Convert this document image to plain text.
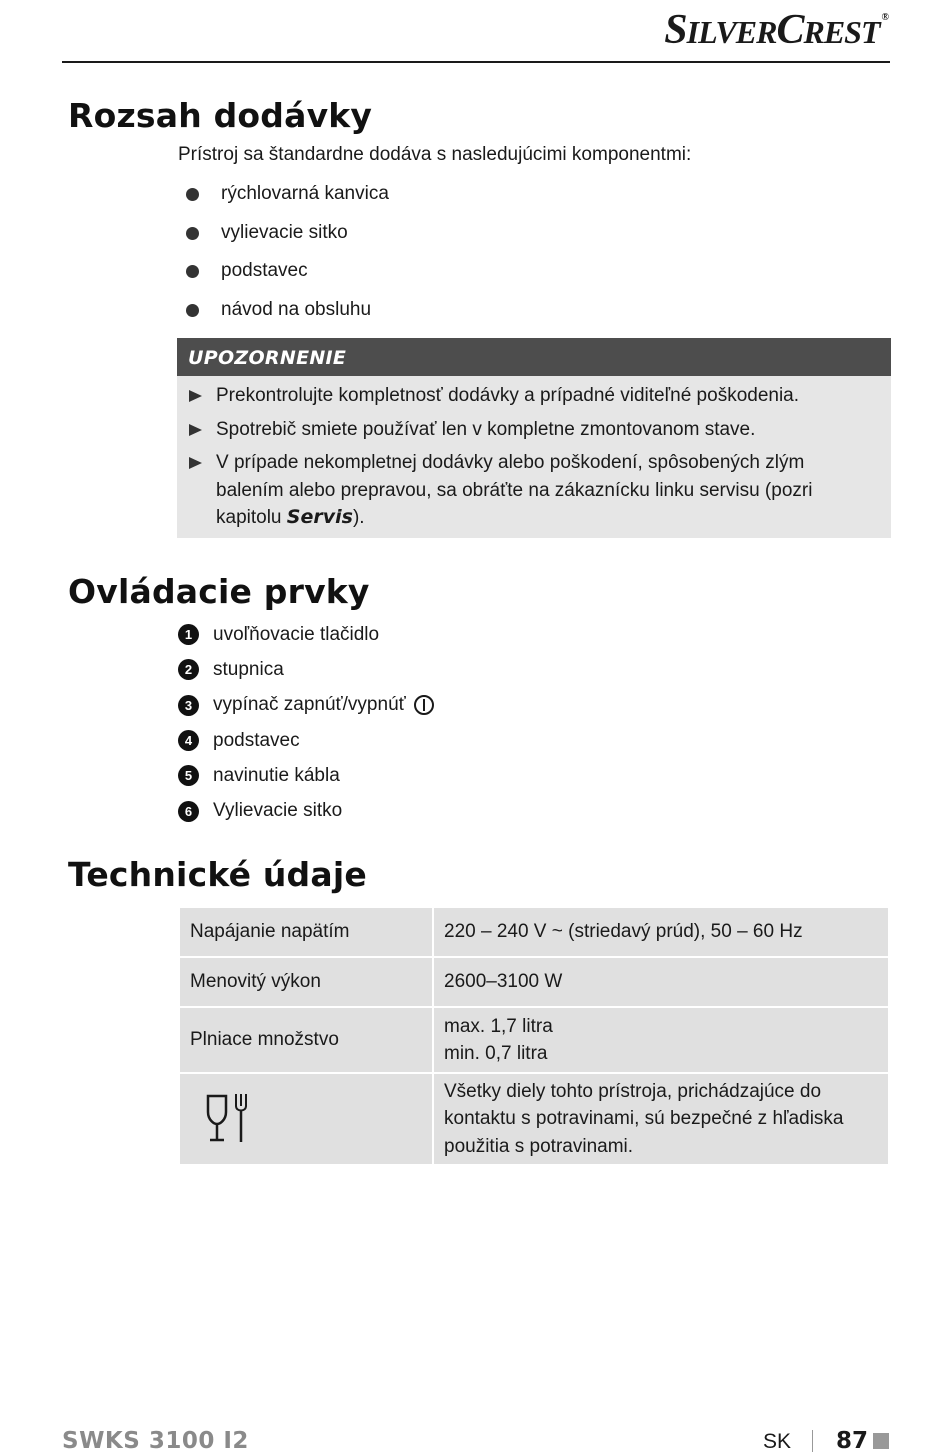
SILVERCREST ®
Rozsah dodávky
Prístroj sa štandardne dodáva s nasledujúcimi komponentmi:
rýchlovarná kanvica
vylievacie sitko
podstavec
návod na obsluhu
UPOZORNENIE
Prekontrolujte kompletnosť dodávky a prípadné viditeľné poškodenia.
Spotrebič smiete používať len v kompletne zmontovanom stave.
V prípade nekompletnej dodávky alebo poškodení, spôsobených zlým balením alebo prepravou, sa obráťte na zákaznícku linku servisu (pozri kapitolu Servis).
Ovládacie prvky
1	uvoľňovacie tlačidlo
2	stupnica
3	vypínač zapnúť/vypnúť
4	podstavec
5	navinutie kábla
6	Vylievacie sitko
Technické údaje
Napájanie napätím	220 – 240 V ~ (striedavý prúd), 50 – 60 Hz
Menovitý výkon	2600–3100 W
Plniace množstvo	max. 1,7 litra
min. 0,7 litra

	Všetky diely tohto prístroja, prichádzajúce do kontaktu s potravinami, sú bezpečné z hľadiska použitia s potravinami.
SWKS 3100 I2	SK 87
